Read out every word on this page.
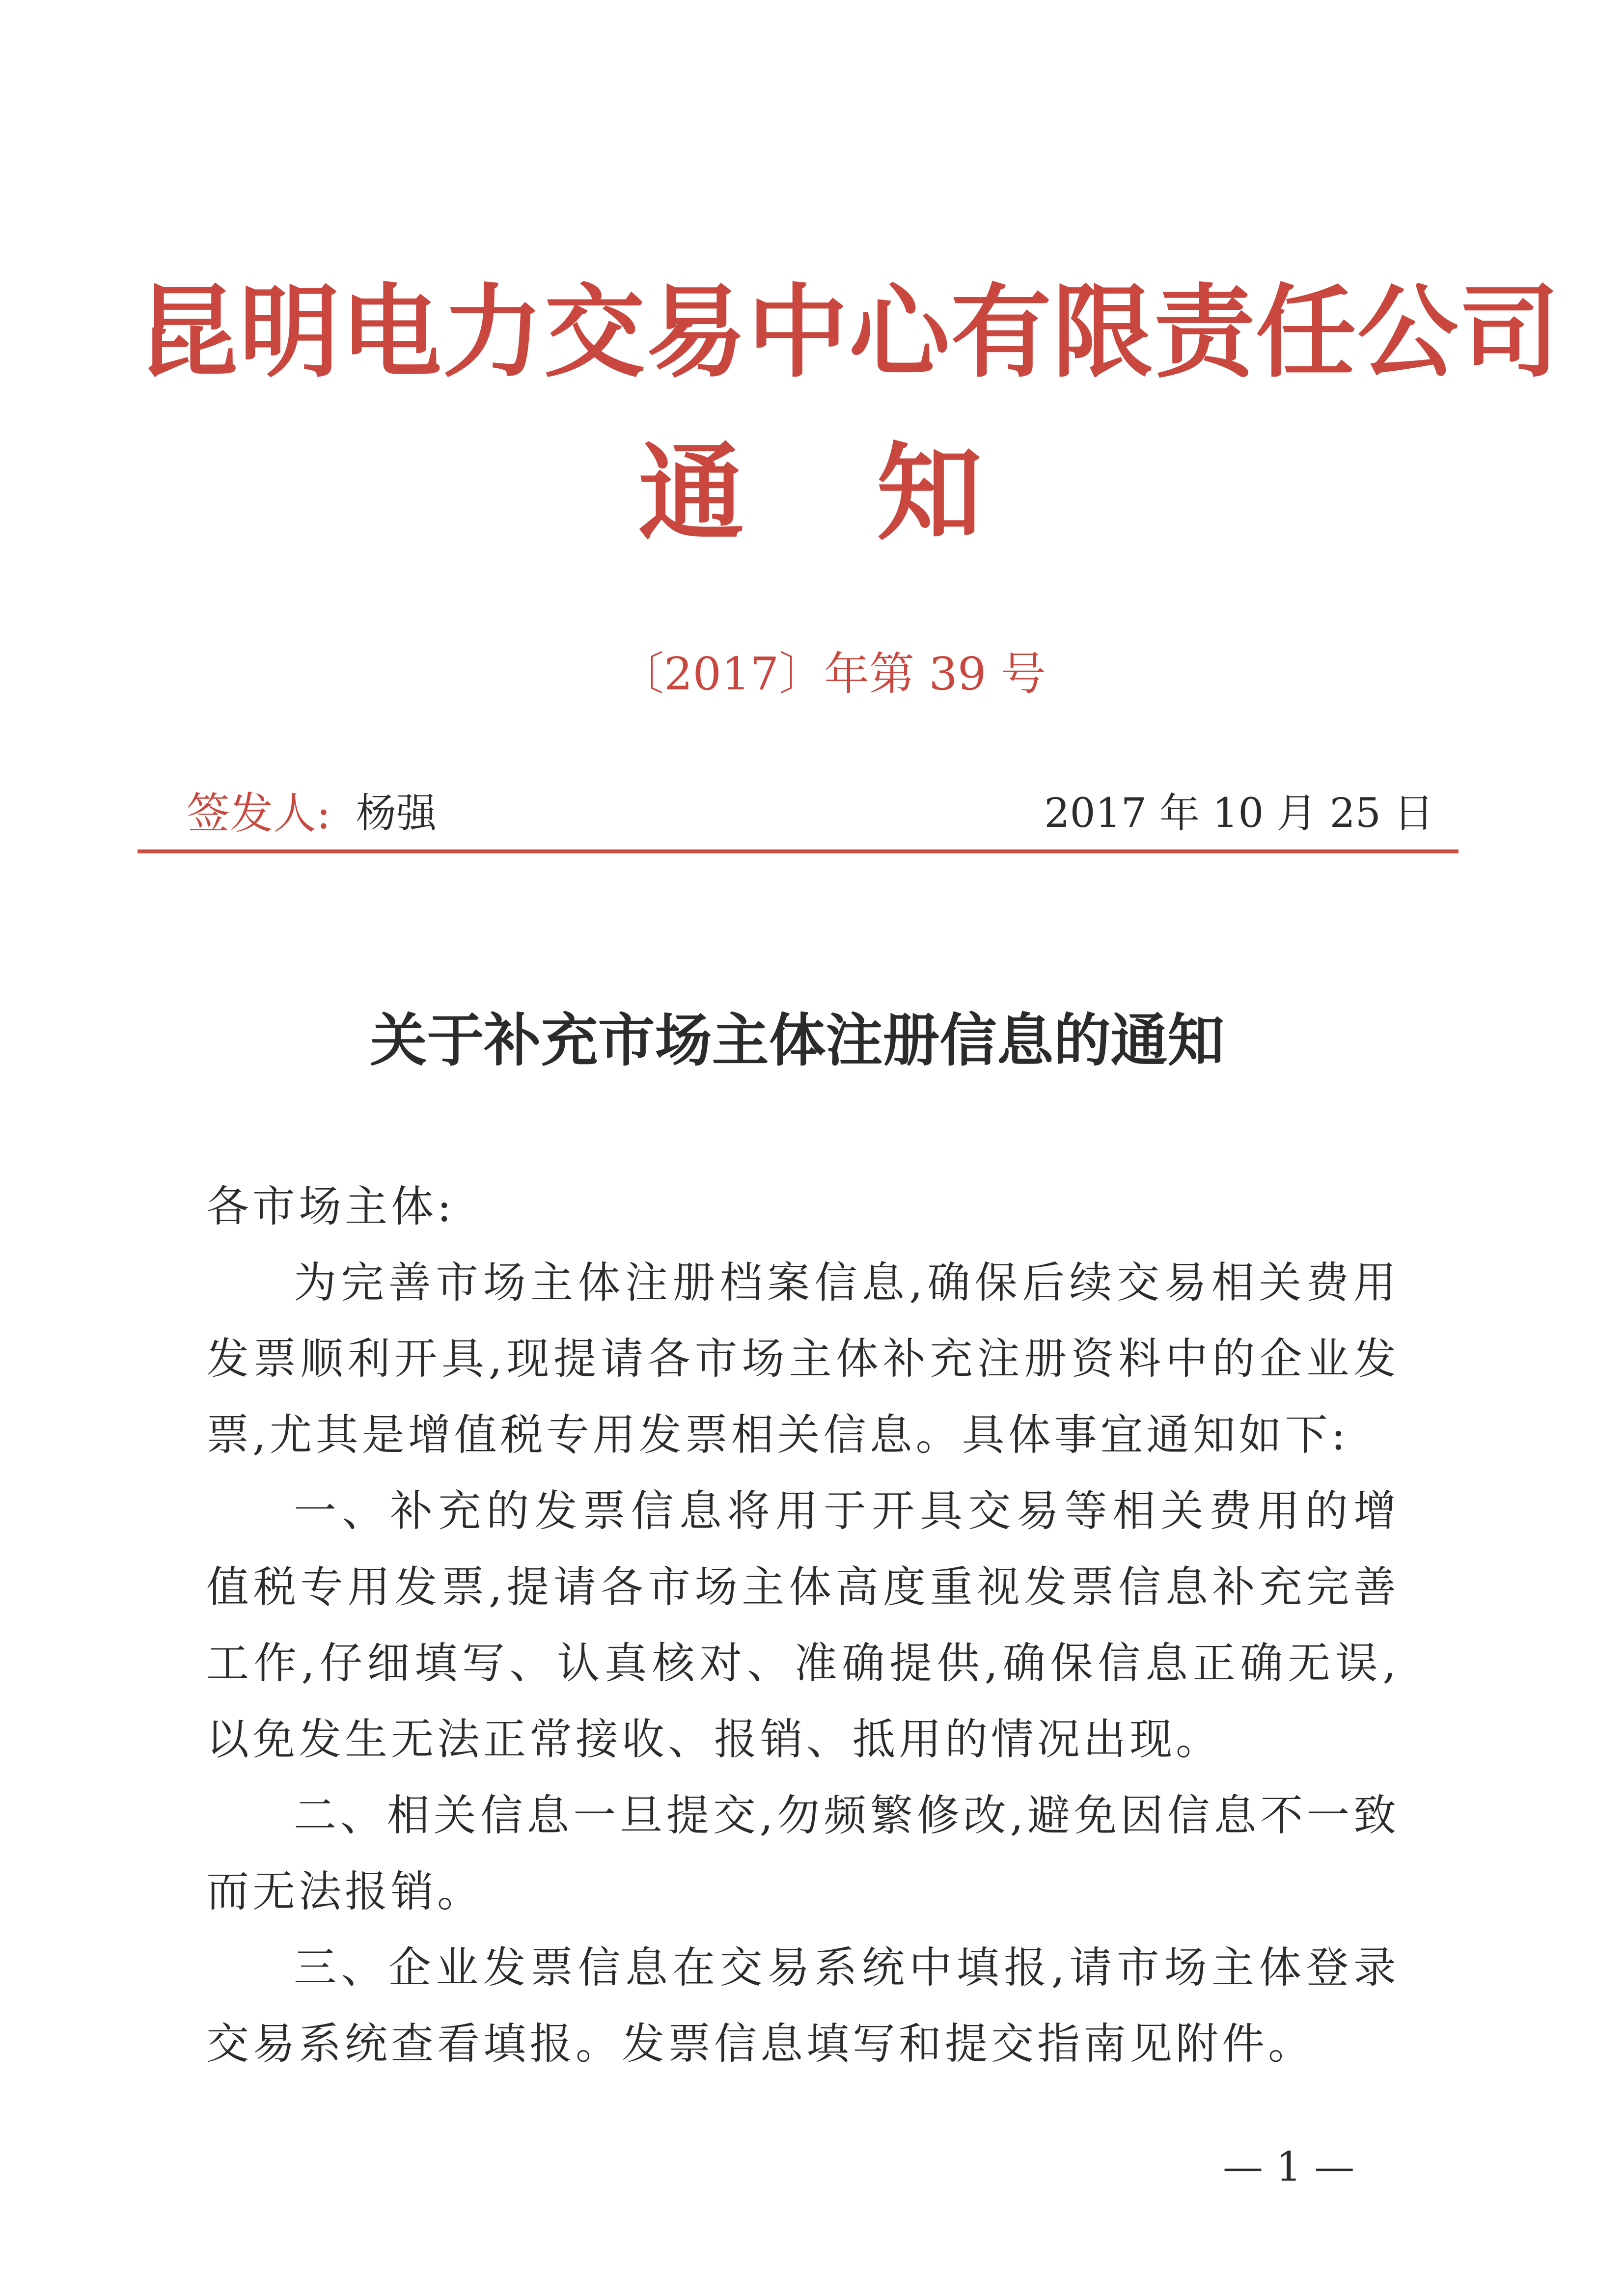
昆明电力交易中心有限责任公司
通 知
〔2017〕年第 39 号
签发人: 杨强	2017 年 10 月 25 日
关于补充市场主体注册信息的通知

各市场主体:

为完善市场主体注册档案信息,确保后续交易相关费用发票顺利开具,现提请各市场主体补充注册资料中的企业发票,尤其是增值税专用发票相关信息。具体事宜通知如下:

一、补充的发票信息将用于开具交易等相关费用的增值税专用发票,提请各市场主体高度重视发票信息补充完善工作,仔细填写、认真核对、准确提供,确保信息正确无误,以免发生无法正常接收、报销、抵用的情况出现。

二、相关信息一旦提交,勿频繁修改,避免因信息不一致而无法报销。

三、企业发票信息在交易系统中填报,请市场主体登录交易系统查看填报。发票信息填写和提交指南见附件。

— 1 —
